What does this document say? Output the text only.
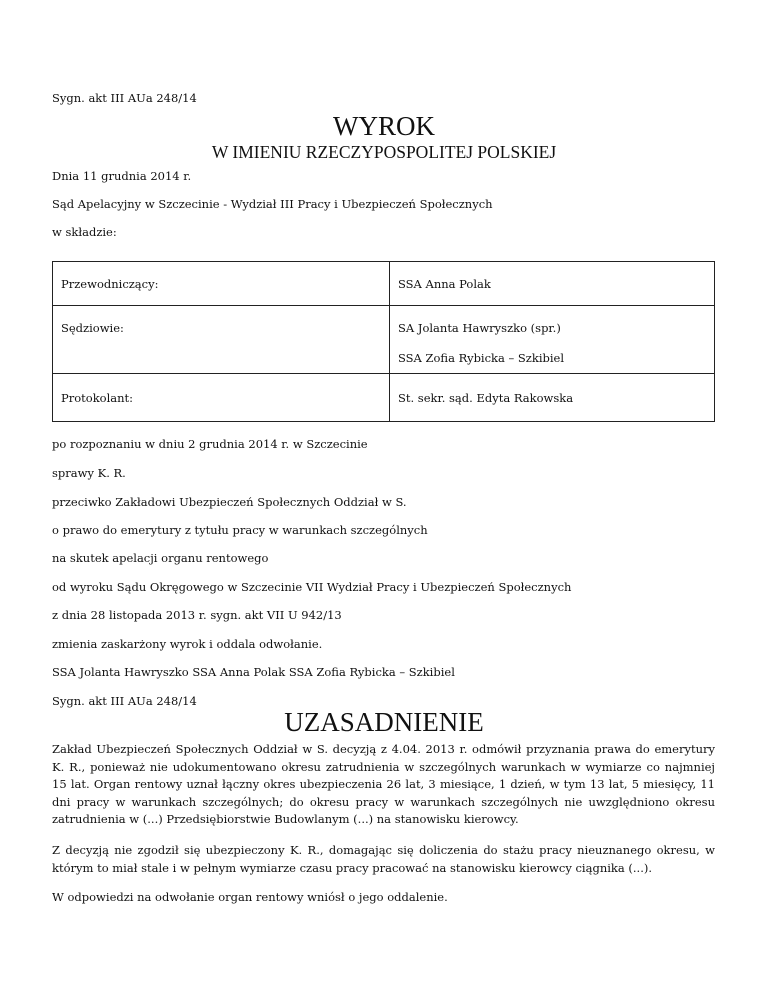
Sygn. akt III AUa 248/14
WYROK
W IMIENIU RZECZYPOSPOLITEJ POLSKIEJ
Dnia 11 grudnia 2014 r.
Sąd Apelacyjny w Szczecinie - Wydział III Pracy i Ubezpieczeń Społecznych
w składzie:

Przewodniczący:	SSA Anna Polak

Sędziowie:	SA Jolanta Hawryszko (spr.)

SSA Zofia Rybicka – Szkibiel

Protokolant:	St. sekr. sąd. Edyta Rakowska

po rozpoznaniu w dniu 2 grudnia 2014 r. w Szczecinie
sprawy K. R.
przeciwko Zakładowi Ubezpieczeń Społecznych Oddział w S.
o prawo do emerytury z tytułu pracy w warunkach szczególnych
na skutek apelacji organu rentowego
od wyroku Sądu Okręgowego w Szczecinie VII Wydział Pracy i Ubezpieczeń Społecznych
z dnia 28 listopada 2013 r. sygn. akt VII U 942/13
zmienia zaskarżony wyrok i oddala odwołanie.
SSA Jolanta Hawryszko SSA Anna Polak SSA Zofia Rybicka – Szkibiel
Sygn. akt III AUa 248/14
UZASADNIENIE

Zakład Ubezpieczeń Społecznych Oddział w S. decyzją z 4.04. 2013 r. odmówił przyznania prawa do emerytury K. R., ponieważ nie udokumentowano okresu zatrudnienia w szczególnych warunkach w wymiarze co najmniej 15 lat. Organ rentowy uznał łączny okres ubezpieczenia 26 lat, 3 miesiące, 1 dzień, w tym 13 lat, 5 miesięcy, 11 dni pracy w warunkach szczególnych; do okresu pracy w warunkach szczególnych nie uwzględniono okresu zatrudnienia w (...) Przedsiębiorstwie Budowlanym (...) na stanowisku kierowcy.

Z decyzją nie zgodził się ubezpieczony K. R., domagając się doliczenia do stażu pracy nieuznanego okresu, w którym to miał stale i w pełnym wymiarze czasu pracy pracować na stanowisku kierowcy ciągnika (...).

W odpowiedzi na odwołanie organ rentowy wniósł o jego oddalenie.
